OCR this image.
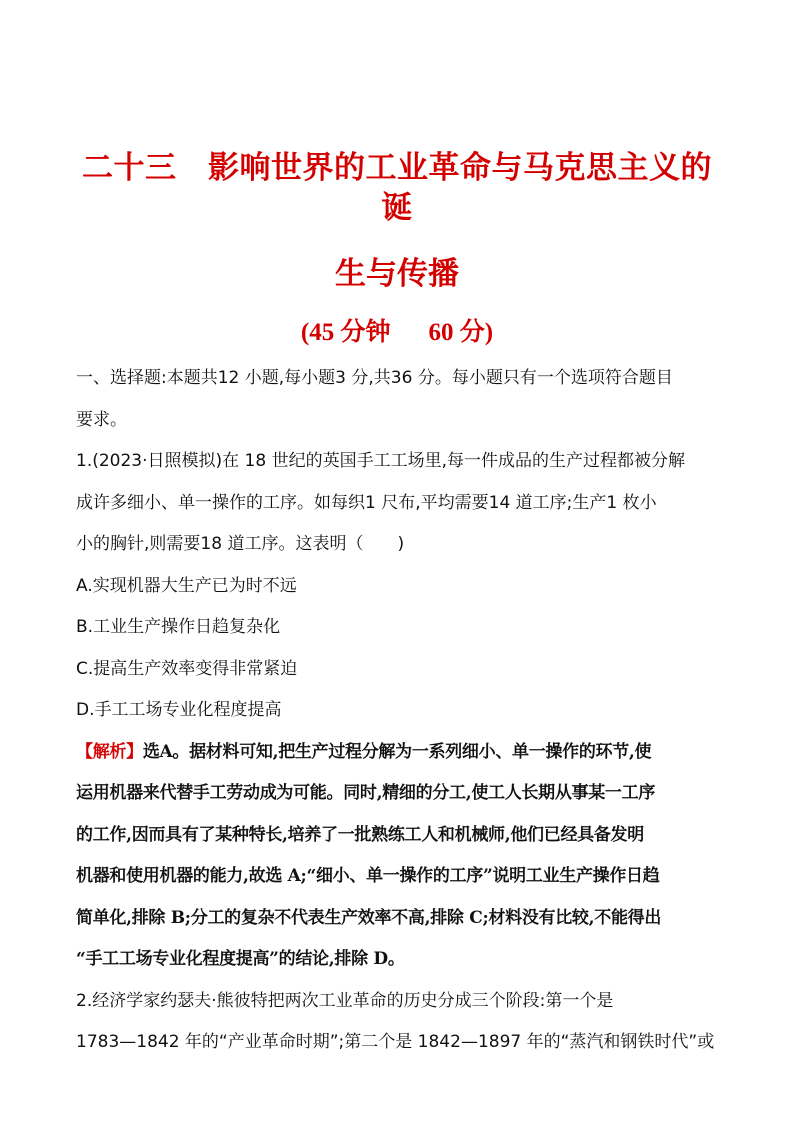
二十三　影响世界的工业革命与马克思主义的诞
生与传播
(45 分钟 60 分)

一、选择题:本题共12 小题,每小题3 分,共36 分。每小题只有一个选项符合题目

要求。

1.(2023·日照模拟)在 18 世纪的英国手工工场里,每一件成品的生产过程都被分解

成许多细小、单一操作的工序。如每织1 尺布,平均需要14 道工序;生产1 枚小

小的胸针,则需要18 道工序。这表明（　　)

A.实现机器大生产已为时不远

B.工业生产操作日趋复杂化

C.提高生产效率变得非常紧迫

D.手工工场专业化程度提高

【解析】选A。据材料可知,把生产过程分解为一系列细小、单一操作的环节,使

运用机器来代替手工劳动成为可能。同时,精细的分工,使工人长期从事某一工序

的工作,因而具有了某种特长,培养了一批熟练工人和机械师,他们已经具备发明

机器和使用机器的能力,故选 A;“细小、单一操作的工序”说明工业生产操作日趋

简单化,排除 B;分工的复杂不代表生产效率不高,排除 C;材料没有比较,不能得出

“手工工场专业化程度提高”的结论,排除 D。

2.经济学家约瑟夫·熊彼特把两次工业革命的历史分成三个阶段:第一个是

1783—1842 年的“产业革命时期”;第二个是 1842—1897 年的“蒸汽和钢铁时代”或
